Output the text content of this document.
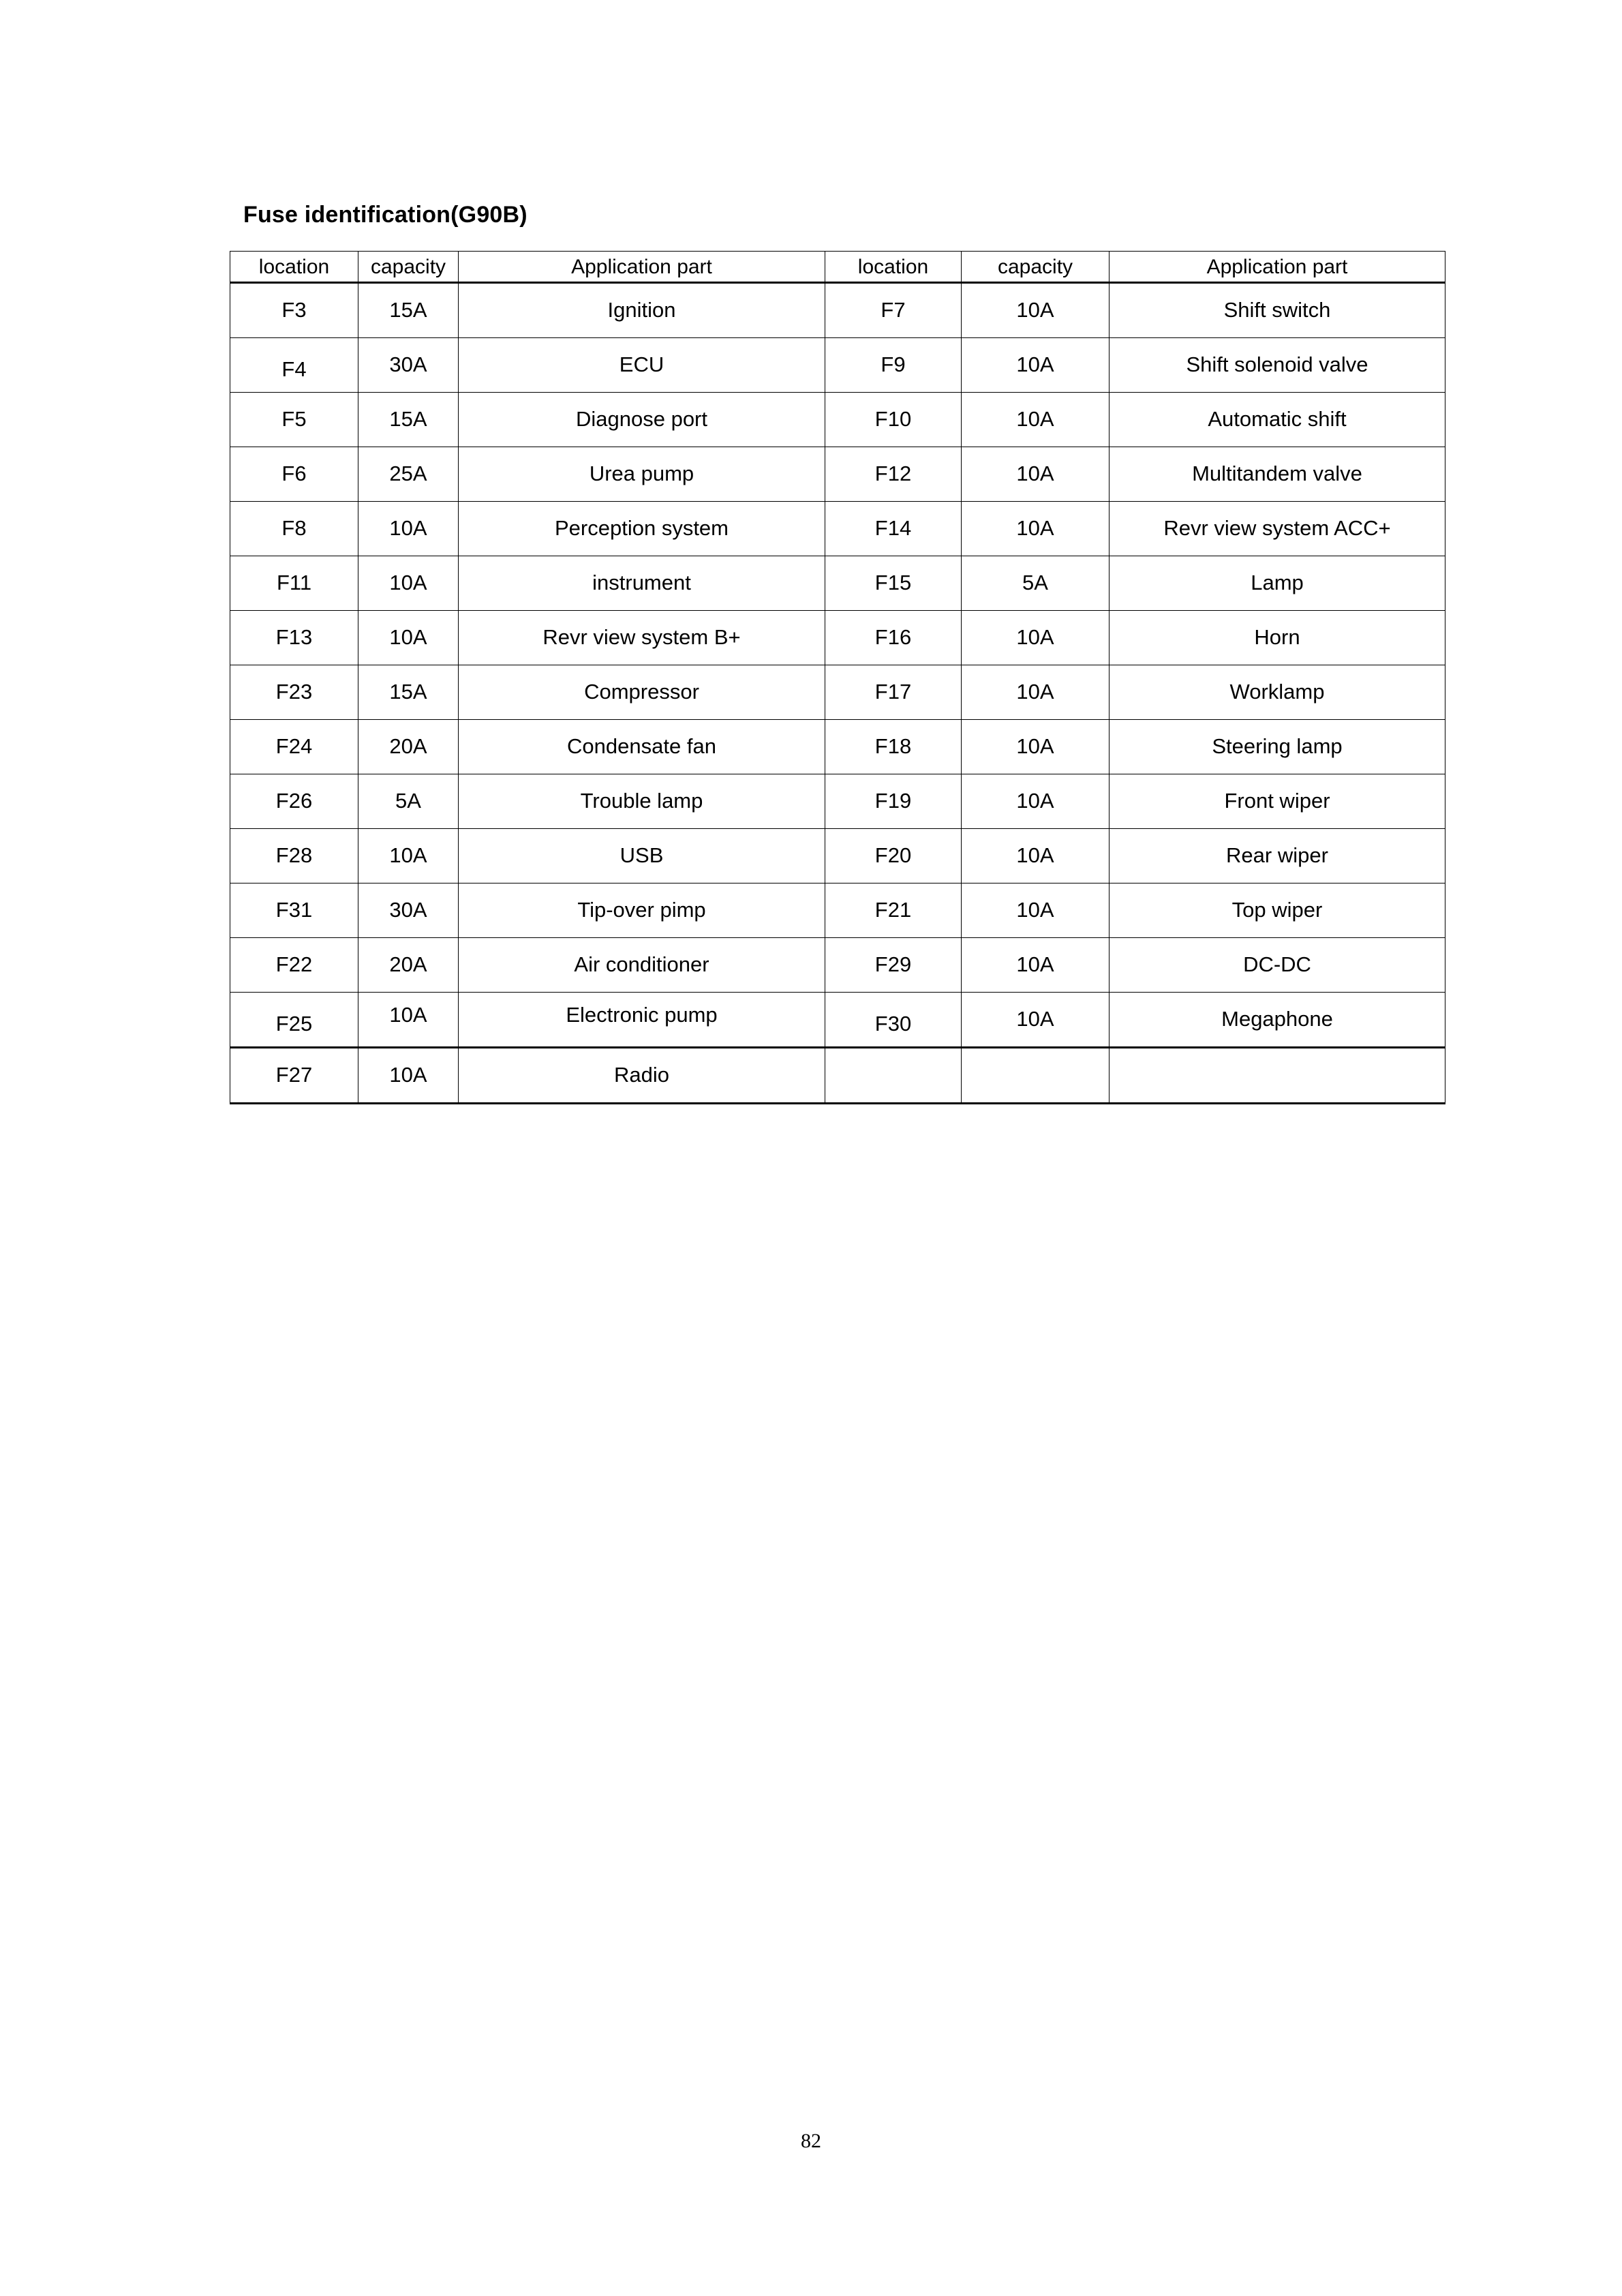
Fuse identification(G90B)
location	capacity	Application part	location	capacity	Application part
F3	15A	Ignition	F7	10A	Shift switch
F4	30A	ECU	F9	10A	Shift solenoid valve
F5	15A	Diagnose port	F10	10A	Automatic shift
F6	25A	Urea pump	F12	10A	Multitandem valve
F8	10A	Perception system	F14	10A	Revr view system ACC+
F11	10A	instrument	F15	5A	Lamp
F13	10A	Revr view system B+	F16	10A	Horn
F23	15A	Compressor	F17	10A	Worklamp
F24	20A	Condensate fan	F18	10A	Steering lamp
F26	5A	Trouble lamp	F19	10A	Front wiper
F28	10A	USB	F20	10A	Rear wiper
F31	30A	Tip-over pimp	F21	10A	Top wiper
F22	20A	Air conditioner	F29	10A	DC-DC
F25	10A	Electronic pump	F30	10A	Megaphone
F27	10A	Radio			
82
